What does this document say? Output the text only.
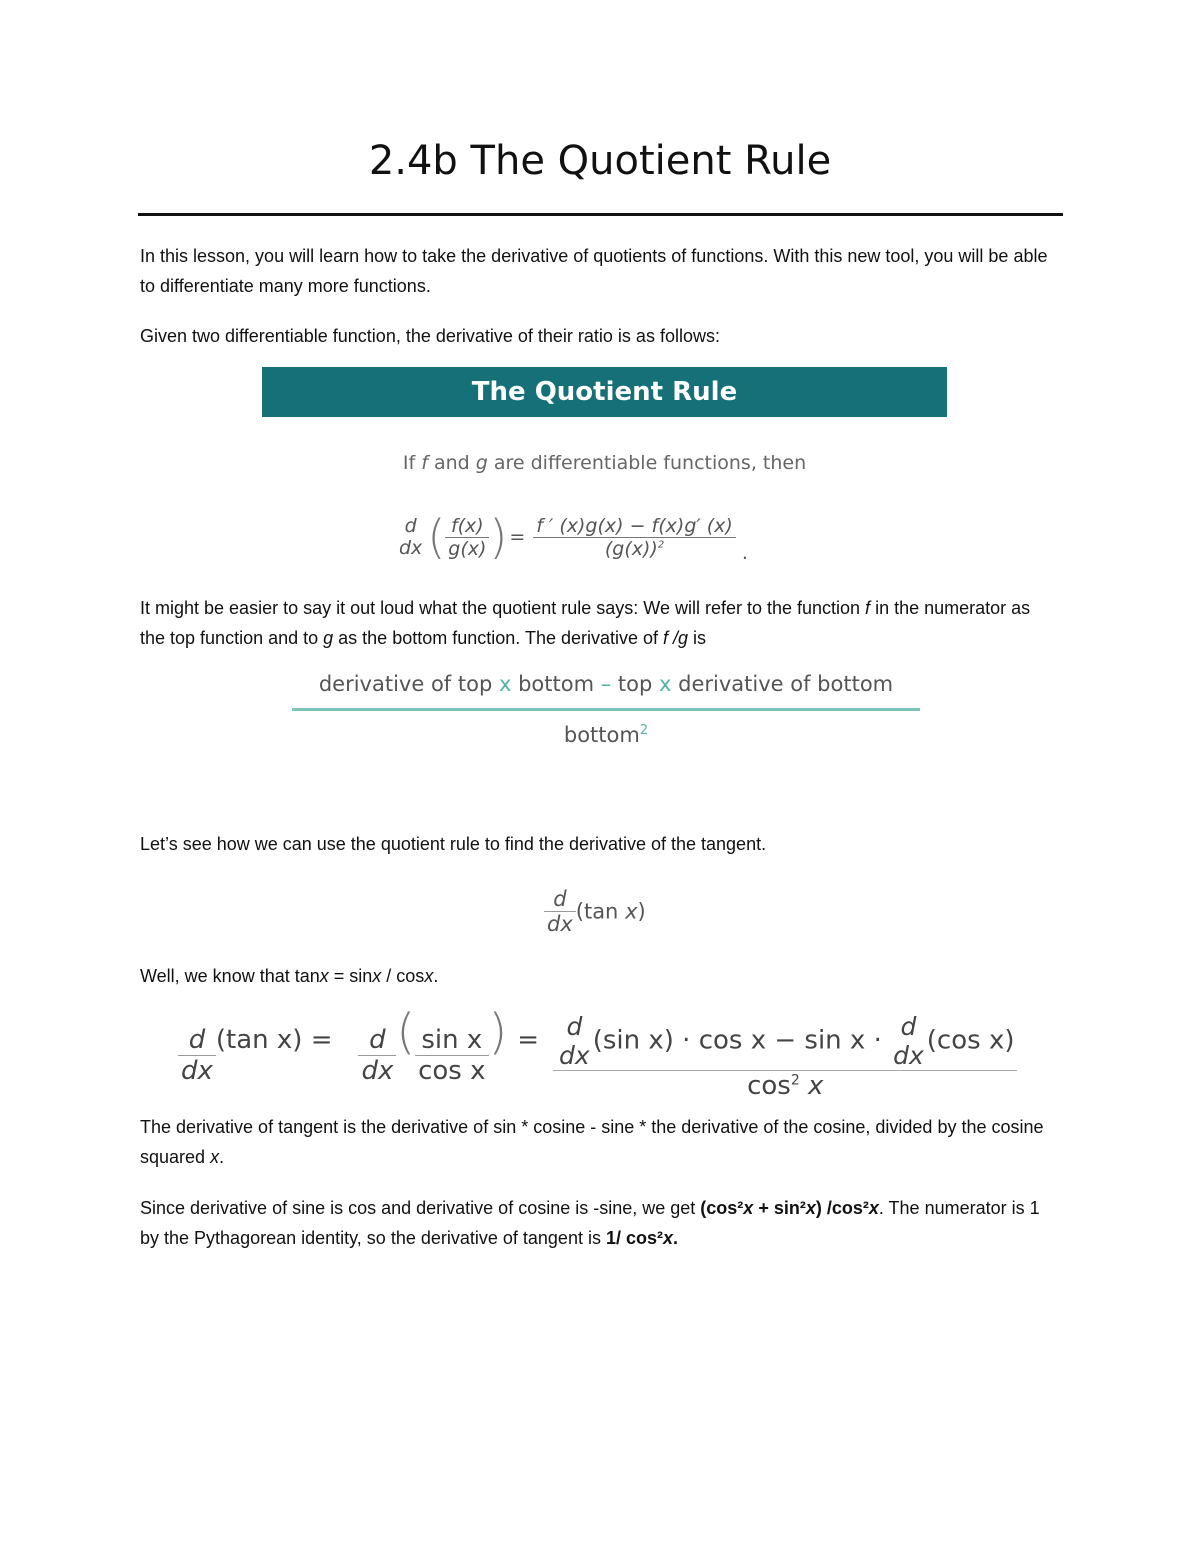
2.4b The Quotient Rule

In this lesson, you will learn how to take the derivative of quotients of functions. With this new tool, you will be able to differentiate many more functions.

Given two differentiable function, the derivative of their ratio is as follows:

The Quotient Rule
If f and g are differentiable functions, then
d
dx ( $\frac{f(x)}{g(x)}$ ) = $\frac{f ' (x)g(x) - f(x)g' (x)}{(g(x))^2}$ .

It might be easier to say it out loud what the quotient rule says: We will refer to the function f in the numerator as the top function and to g as the bottom function. The derivative of f /g is

derivative of top x bottom – top x derivative of bottom
bottom$^2$

Let’s see how we can use the quotient rule to find the derivative of the tangent.

$\frac{d}{dx} (\tan$ x)

Well, we know that tanx = sinx / cosx.

$\frac{d}{dx} (\tan$ $x) = \frac{d}{dx}$ ( $\frac{\text{sin x}}{\text{cos x}}$ ) = d
dx (sin x) · cos x − sin x · d
dx (cos x)
$\cos^2 x$

The derivative of tangent is the derivative of sin * cosine - sine * the derivative of the cosine, divided by the cosine squared x.

Since derivative of sine is cos and derivative of cosine is -sine, we get (cos²x + sin²x) /cos²x. The numerator is 1 by the Pythagorean identity, so the derivative of tangent is 1/ cos²x.
